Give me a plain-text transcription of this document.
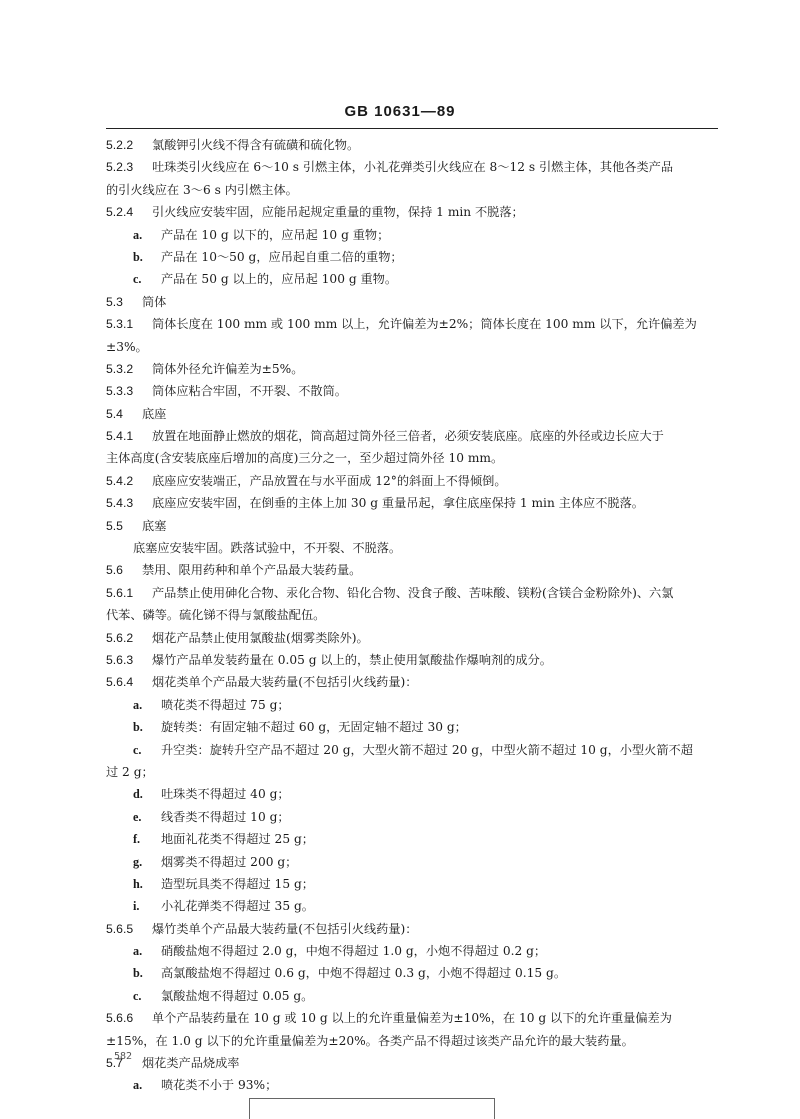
GB 10631—89
5.2.2 氯酸钾引火线不得含有硫磺和硫化物。
5.2.3 吐珠类引火线应在 6～10 s 引燃主体，小礼花弹类引火线应在 8～12 s 引燃主体，其他各类产品
的引火线应在 3～6 s 内引燃主体。
5.2.4 引火线应安装牢固，应能吊起规定重量的重物，保持 1 min 不脱落；
a. 产品在 10 g 以下的，应吊起 10 g 重物；
b. 产品在 10～50 g，应吊起自重二倍的重物；
c. 产品在 50 g 以上的，应吊起 100 g 重物。
5.3 筒体
5.3.1 筒体长度在 100 mm 或 100 mm 以上，允许偏差为±2%；筒体长度在 100 mm 以下，允许偏差为
±3%。
5.3.2 筒体外径允许偏差为±5%。
5.3.3 筒体应粘合牢固，不开裂、不散筒。
5.4 底座
5.4.1 放置在地面静止燃放的烟花，筒高超过筒外径三倍者，必须安装底座。底座的外径或边长应大于
主体高度(含安装底座后增加的高度)三分之一，至少超过筒外径 10 mm。
5.4.2 底座应安装端正，产品放置在与水平面成 12°的斜面上不得倾倒。
5.4.3 底座应安装牢固，在倒垂的主体上加 30 g 重量吊起，拿住底座保持 1 min 主体应不脱落。
5.5 底塞
底塞应安装牢固。跌落试验中，不开裂、不脱落。
5.6 禁用、限用药种和单个产品最大装药量。
5.6.1 产品禁止使用砷化合物、汞化合物、铅化合物、没食子酸、苦味酸、镁粉(含镁合金粉除外)、六氯
代苯、磷等。硫化锑不得与氯酸盐配伍。
5.6.2 烟花产品禁止使用氯酸盐(烟雾类除外)。
5.6.3 爆竹产品单发装药量在 0.05 g 以上的，禁止使用氯酸盐作爆响剂的成分。
5.6.4 烟花类单个产品最大装药量(不包括引火线药量)：
a. 喷花类不得超过 75 g；
b. 旋转类：有固定轴不超过 60 g，无固定轴不超过 30 g；
c. 升空类：旋转升空产品不超过 20 g，大型火箭不超过 20 g，中型火箭不超过 10 g，小型火箭不超
过 2 g；
d. 吐珠类不得超过 40 g；
e. 线香类不得超过 10 g；
f. 地面礼花类不得超过 25 g；
g. 烟雾类不得超过 200 g；
h. 造型玩具类不得超过 15 g；
i. 小礼花弹类不得超过 35 g。
5.6.5 爆竹类单个产品最大装药量(不包括引火线药量)：
a. 硝酸盐炮不得超过 2.0 g，中炮不得超过 1.0 g，小炮不得超过 0.2 g；
b. 高氯酸盐炮不得超过 0.6 g，中炮不得超过 0.3 g，小炮不得超过 0.15 g。
c. 氯酸盐炮不得超过 0.05 g。
5.6.6 单个产品装药量在 10 g 或 10 g 以上的允许重量偏差为±10%，在 10 g 以下的允许重量偏差为
±15%，在 1.0 g 以下的允许重量偏差为±20%。各类产品不得超过该类产品允许的最大装药量。
5.7 烟花类产品烧成率
a. 喷花类不小于 93%；
582
